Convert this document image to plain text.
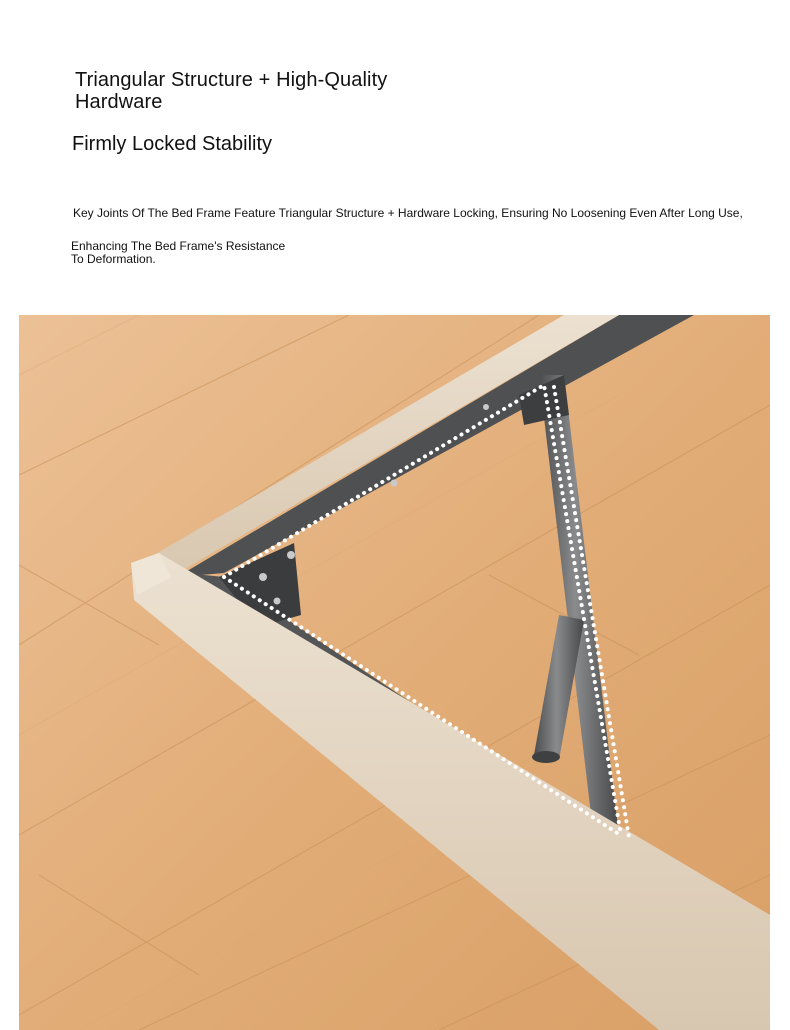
Triangular Structure + High-Quality Hardware
Firmly Locked Stability
Key Joints Of The Bed Frame Feature Triangular Structure + Hardware Locking, Ensuring No Loosening Even After Long Use,
Enhancing The Bed Frame's Resistance
To Deformation.
